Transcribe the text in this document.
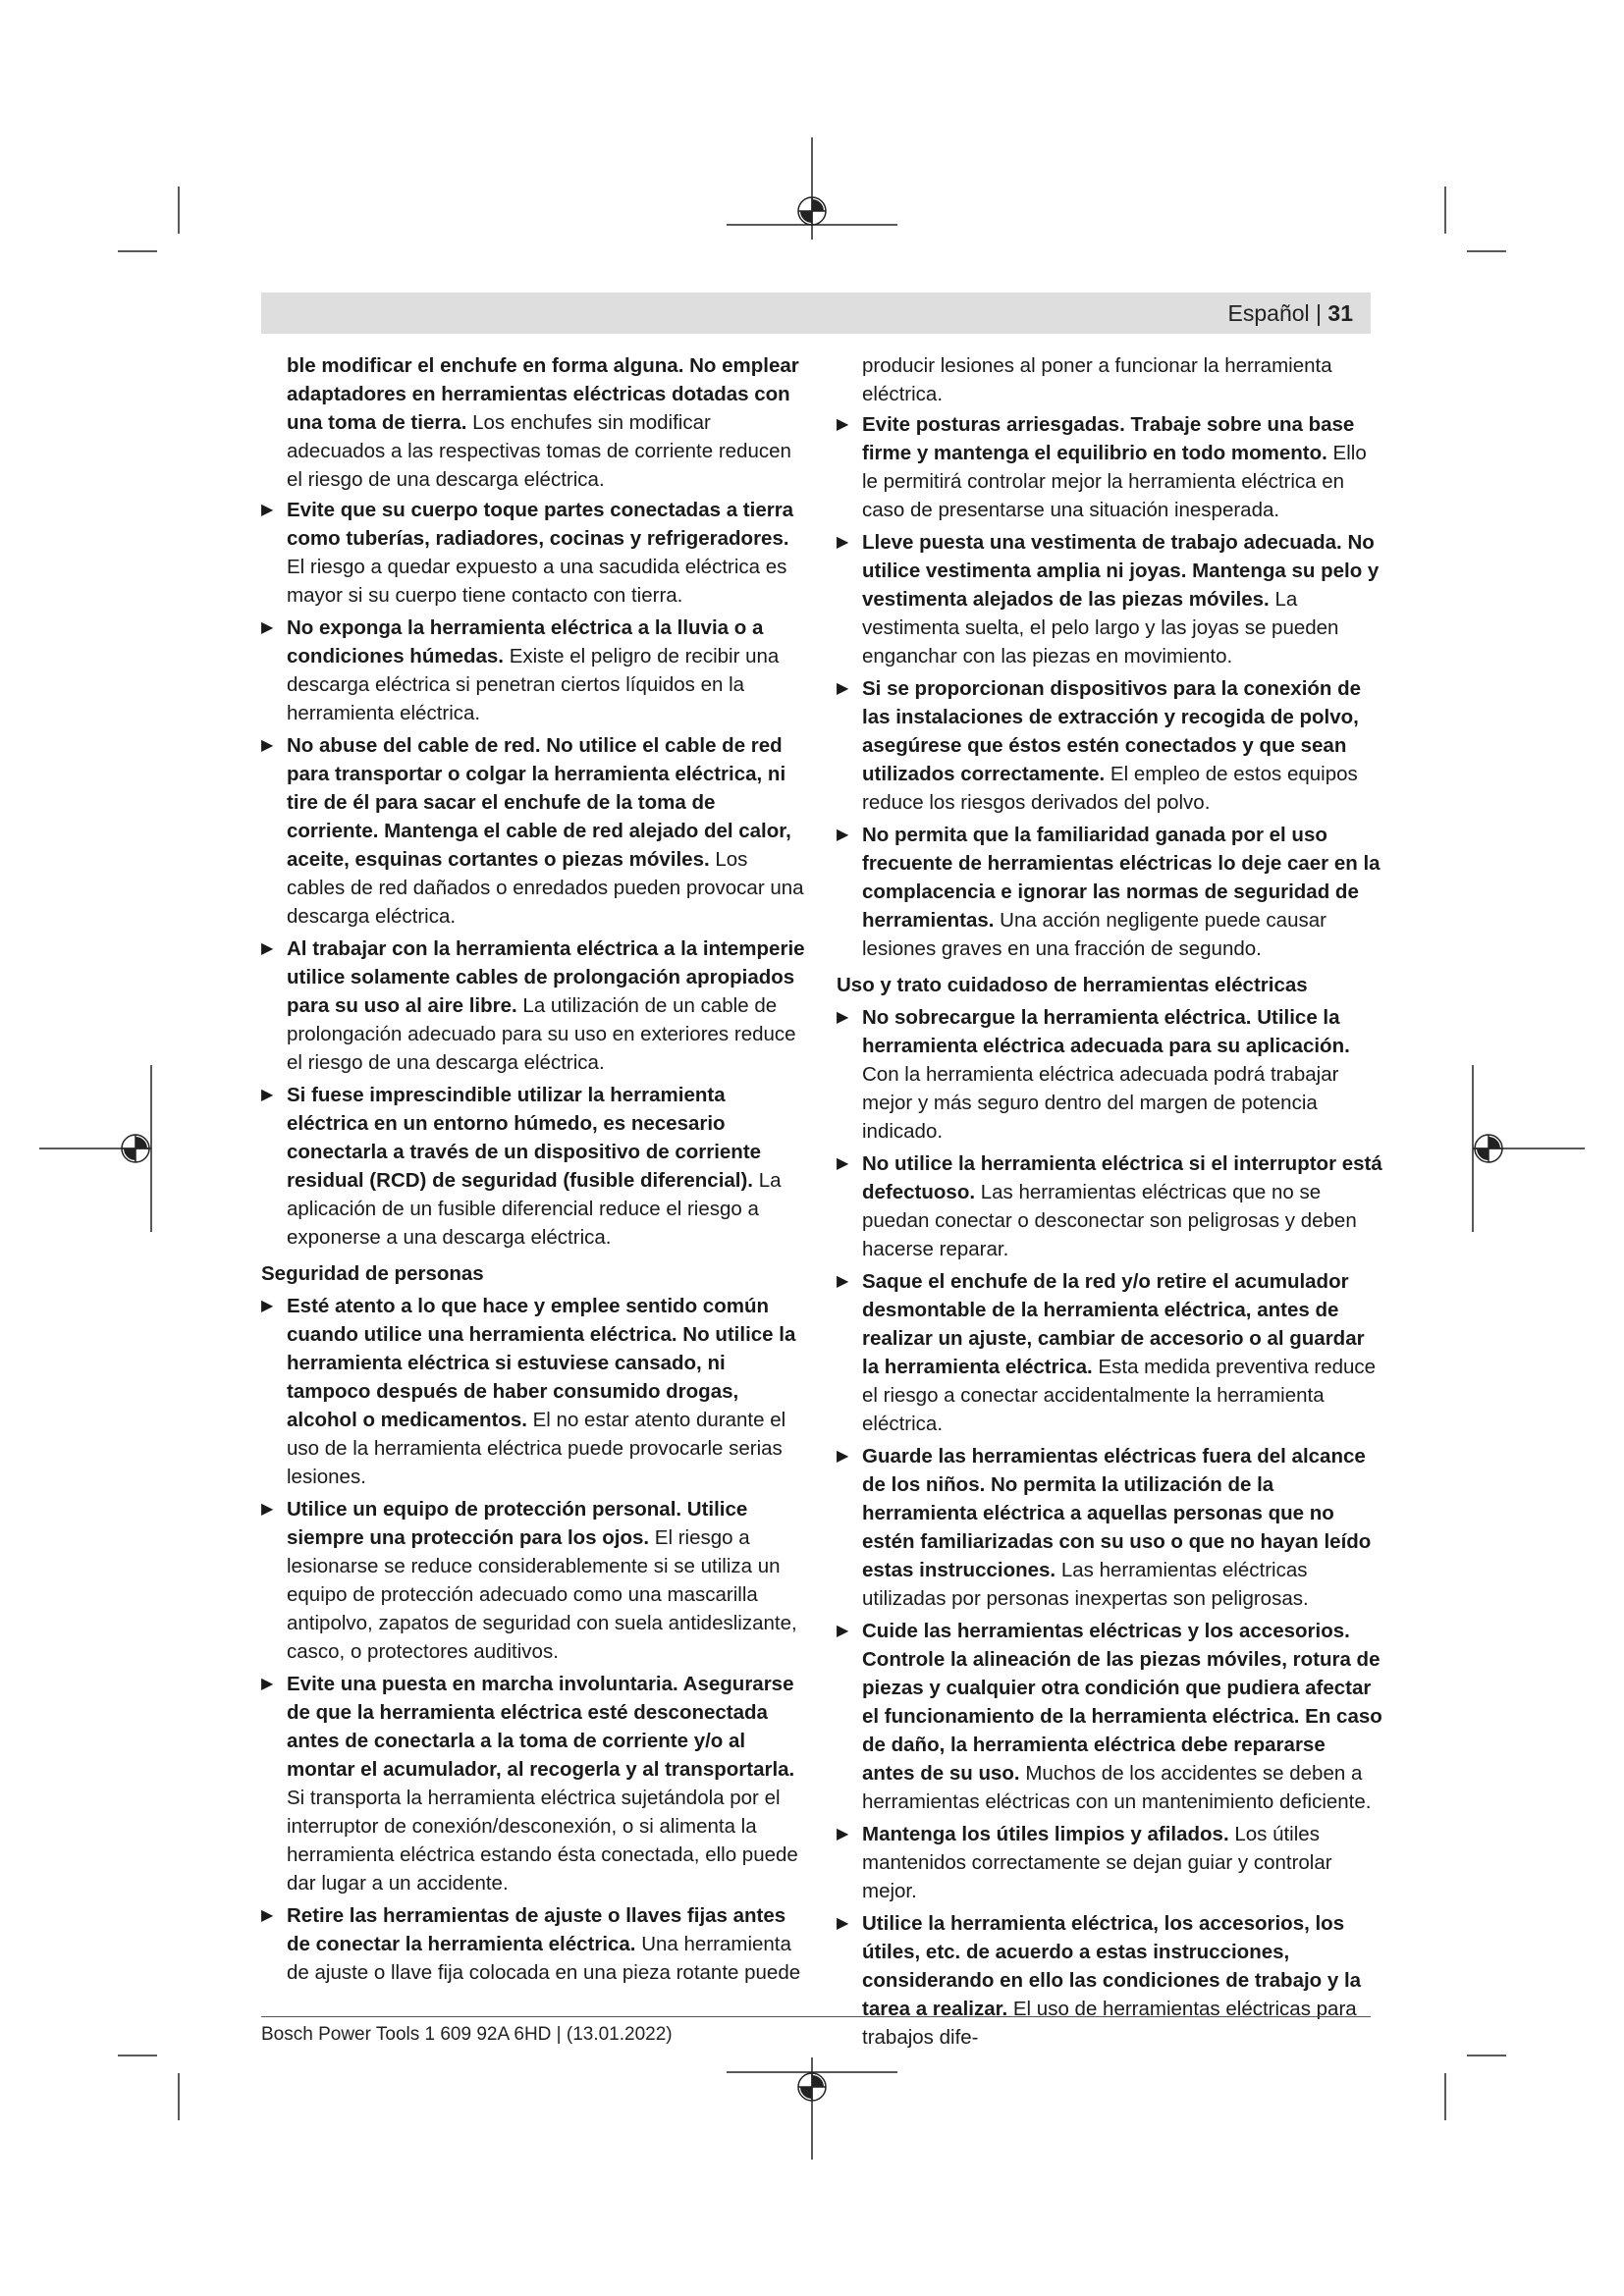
Español | 31

ble modificar el enchufe en forma alguna. No emplear adaptadores en herramientas eléctricas dotadas con una toma de tierra. Los enchufes sin modificar adecuados a las respectivas tomas de corriente reducen el riesgo de una descarga eléctrica.

▶ Evite que su cuerpo toque partes conectadas a tierra como tuberías, radiadores, cocinas y refrigeradores. El riesgo a quedar expuesto a una sacudida eléctrica es mayor si su cuerpo tiene contacto con tierra.

▶ No exponga la herramienta eléctrica a la lluvia o a condiciones húmedas. Existe el peligro de recibir una descarga eléctrica si penetran ciertos líquidos en la herramienta eléctrica.

▶ No abuse del cable de red. No utilice el cable de red para transportar o colgar la herramienta eléctrica, ni tire de él para sacar el enchufe de la toma de corriente. Mantenga el cable de red alejado del calor, aceite, esquinas cortantes o piezas móviles. Los cables de red dañados o enredados pueden provocar una descarga eléctrica.

▶ Al trabajar con la herramienta eléctrica a la intemperie utilice solamente cables de prolongación apropiados para su uso al aire libre. La utilización de un cable de prolongación adecuado para su uso en exteriores reduce el riesgo de una descarga eléctrica.

▶ Si fuese imprescindible utilizar la herramienta eléctrica en un entorno húmedo, es necesario conectarla a través de un dispositivo de corriente residual (RCD) de seguridad (fusible diferencial). La aplicación de un fusible diferencial reduce el riesgo a exponerse a una descarga eléctrica.

Seguridad de personas

▶ Esté atento a lo que hace y emplee sentido común cuando utilice una herramienta eléctrica. No utilice la herramienta eléctrica si estuviese cansado, ni tampoco después de haber consumido drogas, alcohol o medicamentos. El no estar atento durante el uso de la herramienta eléctrica puede provocarle serias lesiones.

▶ Utilice un equipo de protección personal. Utilice siempre una protección para los ojos. El riesgo a lesionarse se reduce considerablemente si se utiliza un equipo de protección adecuado como una mascarilla antipolvo, zapatos de seguridad con suela antideslizante, casco, o protectores auditivos.

▶ Evite una puesta en marcha involuntaria. Asegurarse de que la herramienta eléctrica esté desconectada antes de conectarla a la toma de corriente y/o al montar el acumulador, al recogerla y al transportarla. Si transporta la herramienta eléctrica sujetándola por el interruptor de conexión/desconexión, o si alimenta la herramienta eléctrica estando ésta conectada, ello puede dar lugar a un accidente.

▶ Retire las herramientas de ajuste o llaves fijas antes de conectar la herramienta eléctrica. Una herramienta de ajuste o llave fija colocada en una pieza rotante puede

producir lesiones al poner a funcionar la herramienta eléctrica.

▶ Evite posturas arriesgadas. Trabaje sobre una base firme y mantenga el equilibrio en todo momento. Ello le permitirá controlar mejor la herramienta eléctrica en caso de presentarse una situación inesperada.

▶ Lleve puesta una vestimenta de trabajo adecuada. No utilice vestimenta amplia ni joyas. Mantenga su pelo y vestimenta alejados de las piezas móviles. La vestimenta suelta, el pelo largo y las joyas se pueden enganchar con las piezas en movimiento.

▶ Si se proporcionan dispositivos para la conexión de las instalaciones de extracción y recogida de polvo, asegúrese que éstos estén conectados y que sean utilizados correctamente. El empleo de estos equipos reduce los riesgos derivados del polvo.

▶ No permita que la familiaridad ganada por el uso frecuente de herramientas eléctricas lo deje caer en la complacencia e ignorar las normas de seguridad de herramientas. Una acción negligente puede causar lesiones graves en una fracción de segundo.

Uso y trato cuidadoso de herramientas eléctricas

▶ No sobrecargue la herramienta eléctrica. Utilice la herramienta eléctrica adecuada para su aplicación. Con la herramienta eléctrica adecuada podrá trabajar mejor y más seguro dentro del margen de potencia indicado.

▶ No utilice la herramienta eléctrica si el interruptor está defectuoso. Las herramientas eléctricas que no se puedan conectar o desconectar son peligrosas y deben hacerse reparar.

▶ Saque el enchufe de la red y/o retire el acumulador desmontable de la herramienta eléctrica, antes de realizar un ajuste, cambiar de accesorio o al guardar la herramienta eléctrica. Esta medida preventiva reduce el riesgo a conectar accidentalmente la herramienta eléctrica.

▶ Guarde las herramientas eléctricas fuera del alcance de los niños. No permita la utilización de la herramienta eléctrica a aquellas personas que no estén familiarizadas con su uso o que no hayan leído estas instrucciones. Las herramientas eléctricas utilizadas por personas inexpertas son peligrosas.

▶ Cuide las herramientas eléctricas y los accesorios. Controle la alineación de las piezas móviles, rotura de piezas y cualquier otra condición que pudiera afectar el funcionamiento de la herramienta eléctrica. En caso de daño, la herramienta eléctrica debe repararse antes de su uso. Muchos de los accidentes se deben a herramientas eléctricas con un mantenimiento deficiente.

▶ Mantenga los útiles limpios y afilados. Los útiles mantenidos correctamente se dejan guiar y controlar mejor.

▶ Utilice la herramienta eléctrica, los accesorios, los útiles, etc. de acuerdo a estas instrucciones, considerando en ello las condiciones de trabajo y la tarea a realizar. El uso de herramientas eléctricas para trabajos dife-

Bosch Power Tools 1 609 92A 6HD | (13.01.2022)
